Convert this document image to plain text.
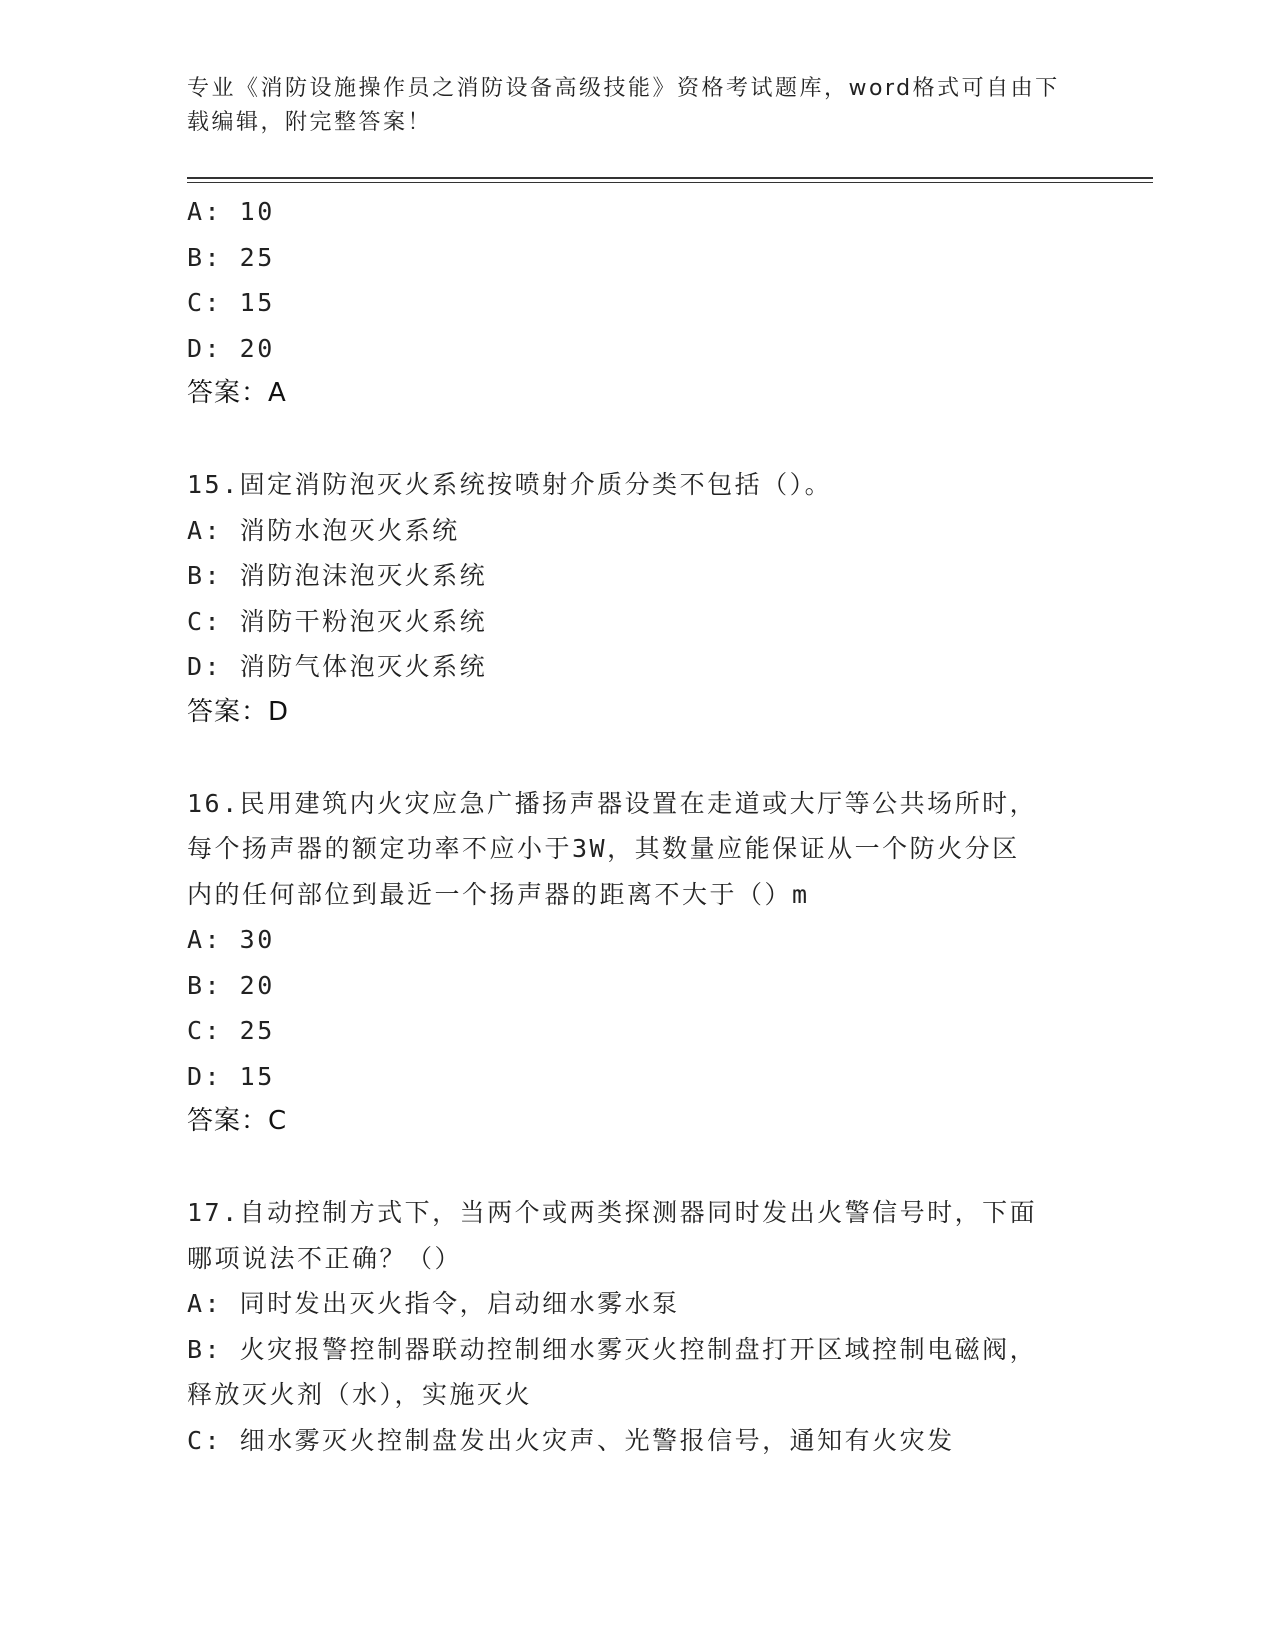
专业《消防设施操作员之消防设备高级技能》资格考试题库，word格式可自由下
载编辑，附完整答案！
A: 10
B: 25
C: 15
D: 20
答案：A
15.固定消防泡灭火系统按喷射介质分类不包括（）。
A: 消防水泡灭火系统
B: 消防泡沫泡灭火系统
C: 消防干粉泡灭火系统
D: 消防气体泡灭火系统
答案：D
16.民用建筑内火灾应急广播扬声器设置在走道或大厅等公共场所时，
每个扬声器的额定功率不应小于3W，其数量应能保证从一个防火分区
内的任何部位到最近一个扬声器的距离不大于（）m
A: 30
B: 20
C: 25
D: 15
答案：C
17.自动控制方式下，当两个或两类探测器同时发出火警信号时，下面
哪项说法不正确？（）
A: 同时发出灭火指令，启动细水雾水泵
B: 火灾报警控制器联动控制细水雾灭火控制盘打开区域控制电磁阀，
释放灭火剂（水），实施灭火
C: 细水雾灭火控制盘发出火灾声、光警报信号，通知有火灾发
